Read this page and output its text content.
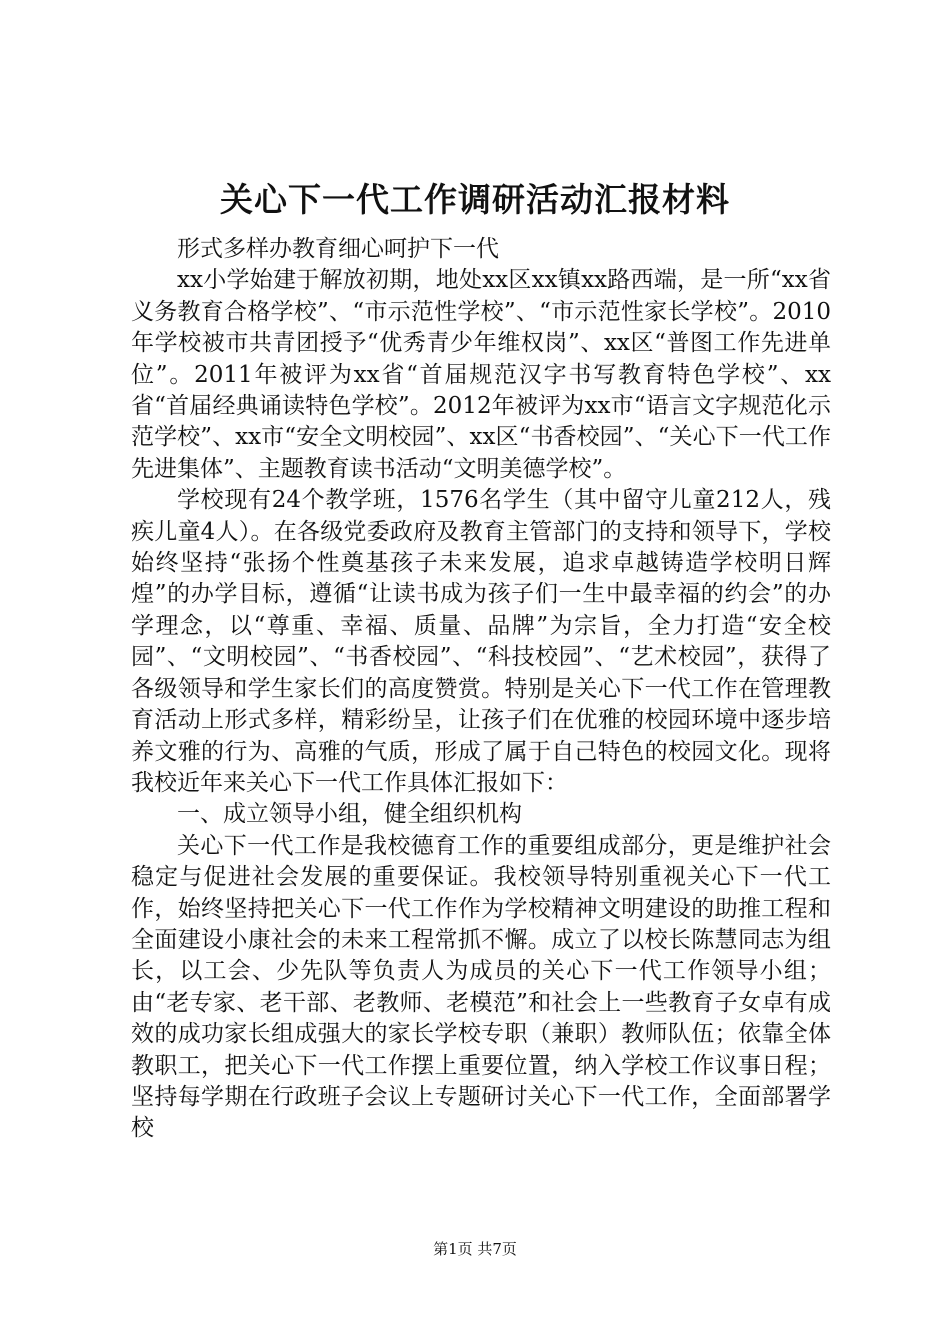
关心下一代工作调研活动汇报材料

形式多样办教育细心呵护下一代

xx小学始建于解放初期，地处xx区xx镇xx路西端，是一所“xx省义务教育合格学校”、“市示范性学校”、“市示范性家长学校”。2010年学校被市共青团授予“优秀青少年维权岗”、xx区“普图工作先进单位”。2011年被评为xx省“首届规范汉字书写教育特色学校”、xx省“首届经典诵读特色学校”。2012年被评为xx市“语言文字规范化示范学校”、xx市“安全文明校园”、xx区“书香校园”、“关心下一代工作先进集体”、主题教育读书活动“文明美德学校”。

学校现有24个教学班，1576名学生（其中留守儿童212人，残疾儿童4人）。在各级党委政府及教育主管部门的支持和领导下，学校始终坚持“张扬个性奠基孩子未来发展，追求卓越铸造学校明日辉煌”的办学目标，遵循“让读书成为孩子们一生中最幸福的约会”的办学理念，以“尊重、幸福、质量、品牌”为宗旨，全力打造“安全校园”、“文明校园”、“书香校园”、“科技校园”、“艺术校园”，获得了各级领导和学生家长们的高度赞赏。特别是关心下一代工作在管理教育活动上形式多样，精彩纷呈，让孩子们在优雅的校园环境中逐步培养文雅的行为、高雅的气质，形成了属于自己特色的校园文化。现将我校近年来关心下一代工作具体汇报如下：

一、成立领导小组，健全组织机构

关心下一代工作是我校德育工作的重要组成部分，更是维护社会稳定与促进社会发展的重要保证。我校领导特别重视关心下一代工作，始终坚持把关心下一代工作作为学校精神文明建设的助推工程和全面建设小康社会的未来工程常抓不懈。成立了以校长陈慧同志为组长，以工会、少先队等负责人为成员的关心下一代工作领导小组；由“老专家、老干部、老教师、老模范”和社会上一些教育子女卓有成效的成功家长组成强大的家长学校专职（兼职）教师队伍；依靠全体教职工，把关心下一代工作摆上重要位置，纳入学校工作议事日程；坚持每学期在行政班子会议上专题研讨关心下一代工作，全面部署学校

第1页 共7页
